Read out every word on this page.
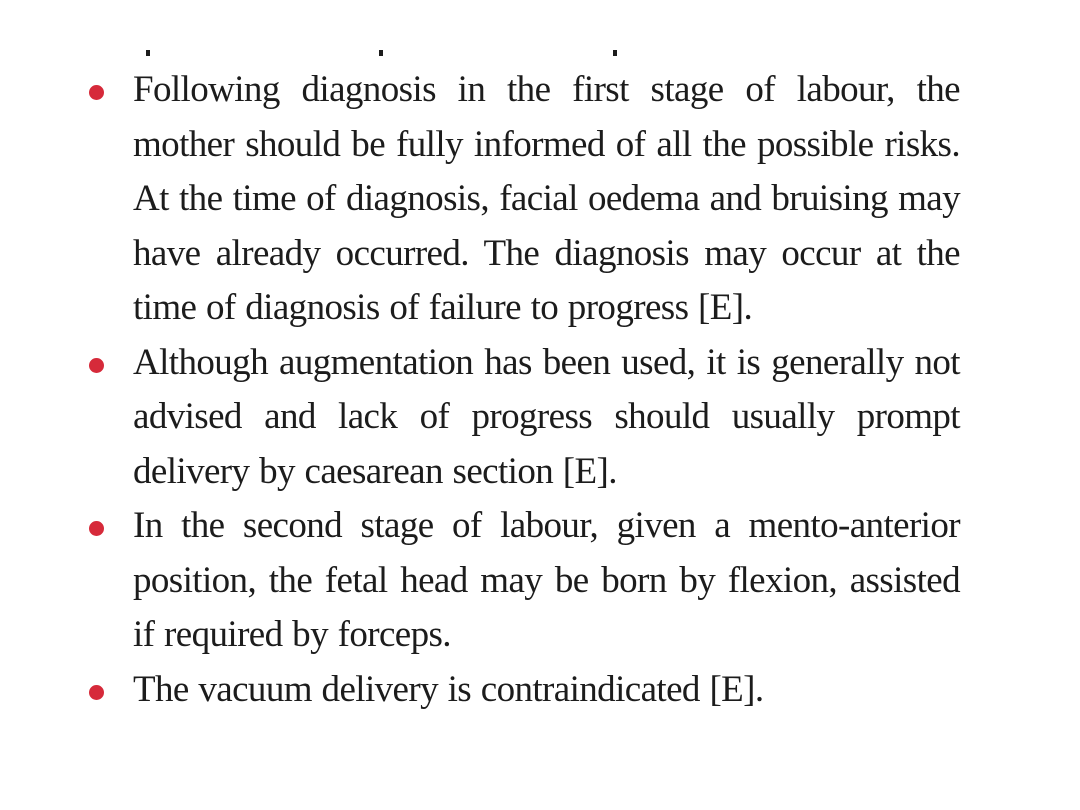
Following diagnosis in the first stage of labour, the mother should be fully informed of all the possible risks. At the time of diagnosis, facial oedema and bruising may have already occurred. The diagnosis may occur at the time of diagnosis of failure to progress [E].

Although augmentation has been used, it is generally not advised and lack of progress should usually prompt delivery by caesarean section [E].

In the second stage of labour, given a mento-anterior position, the fetal head may be born by flexion, assisted if required by forceps.

The vacuum delivery is contraindicated [E].
